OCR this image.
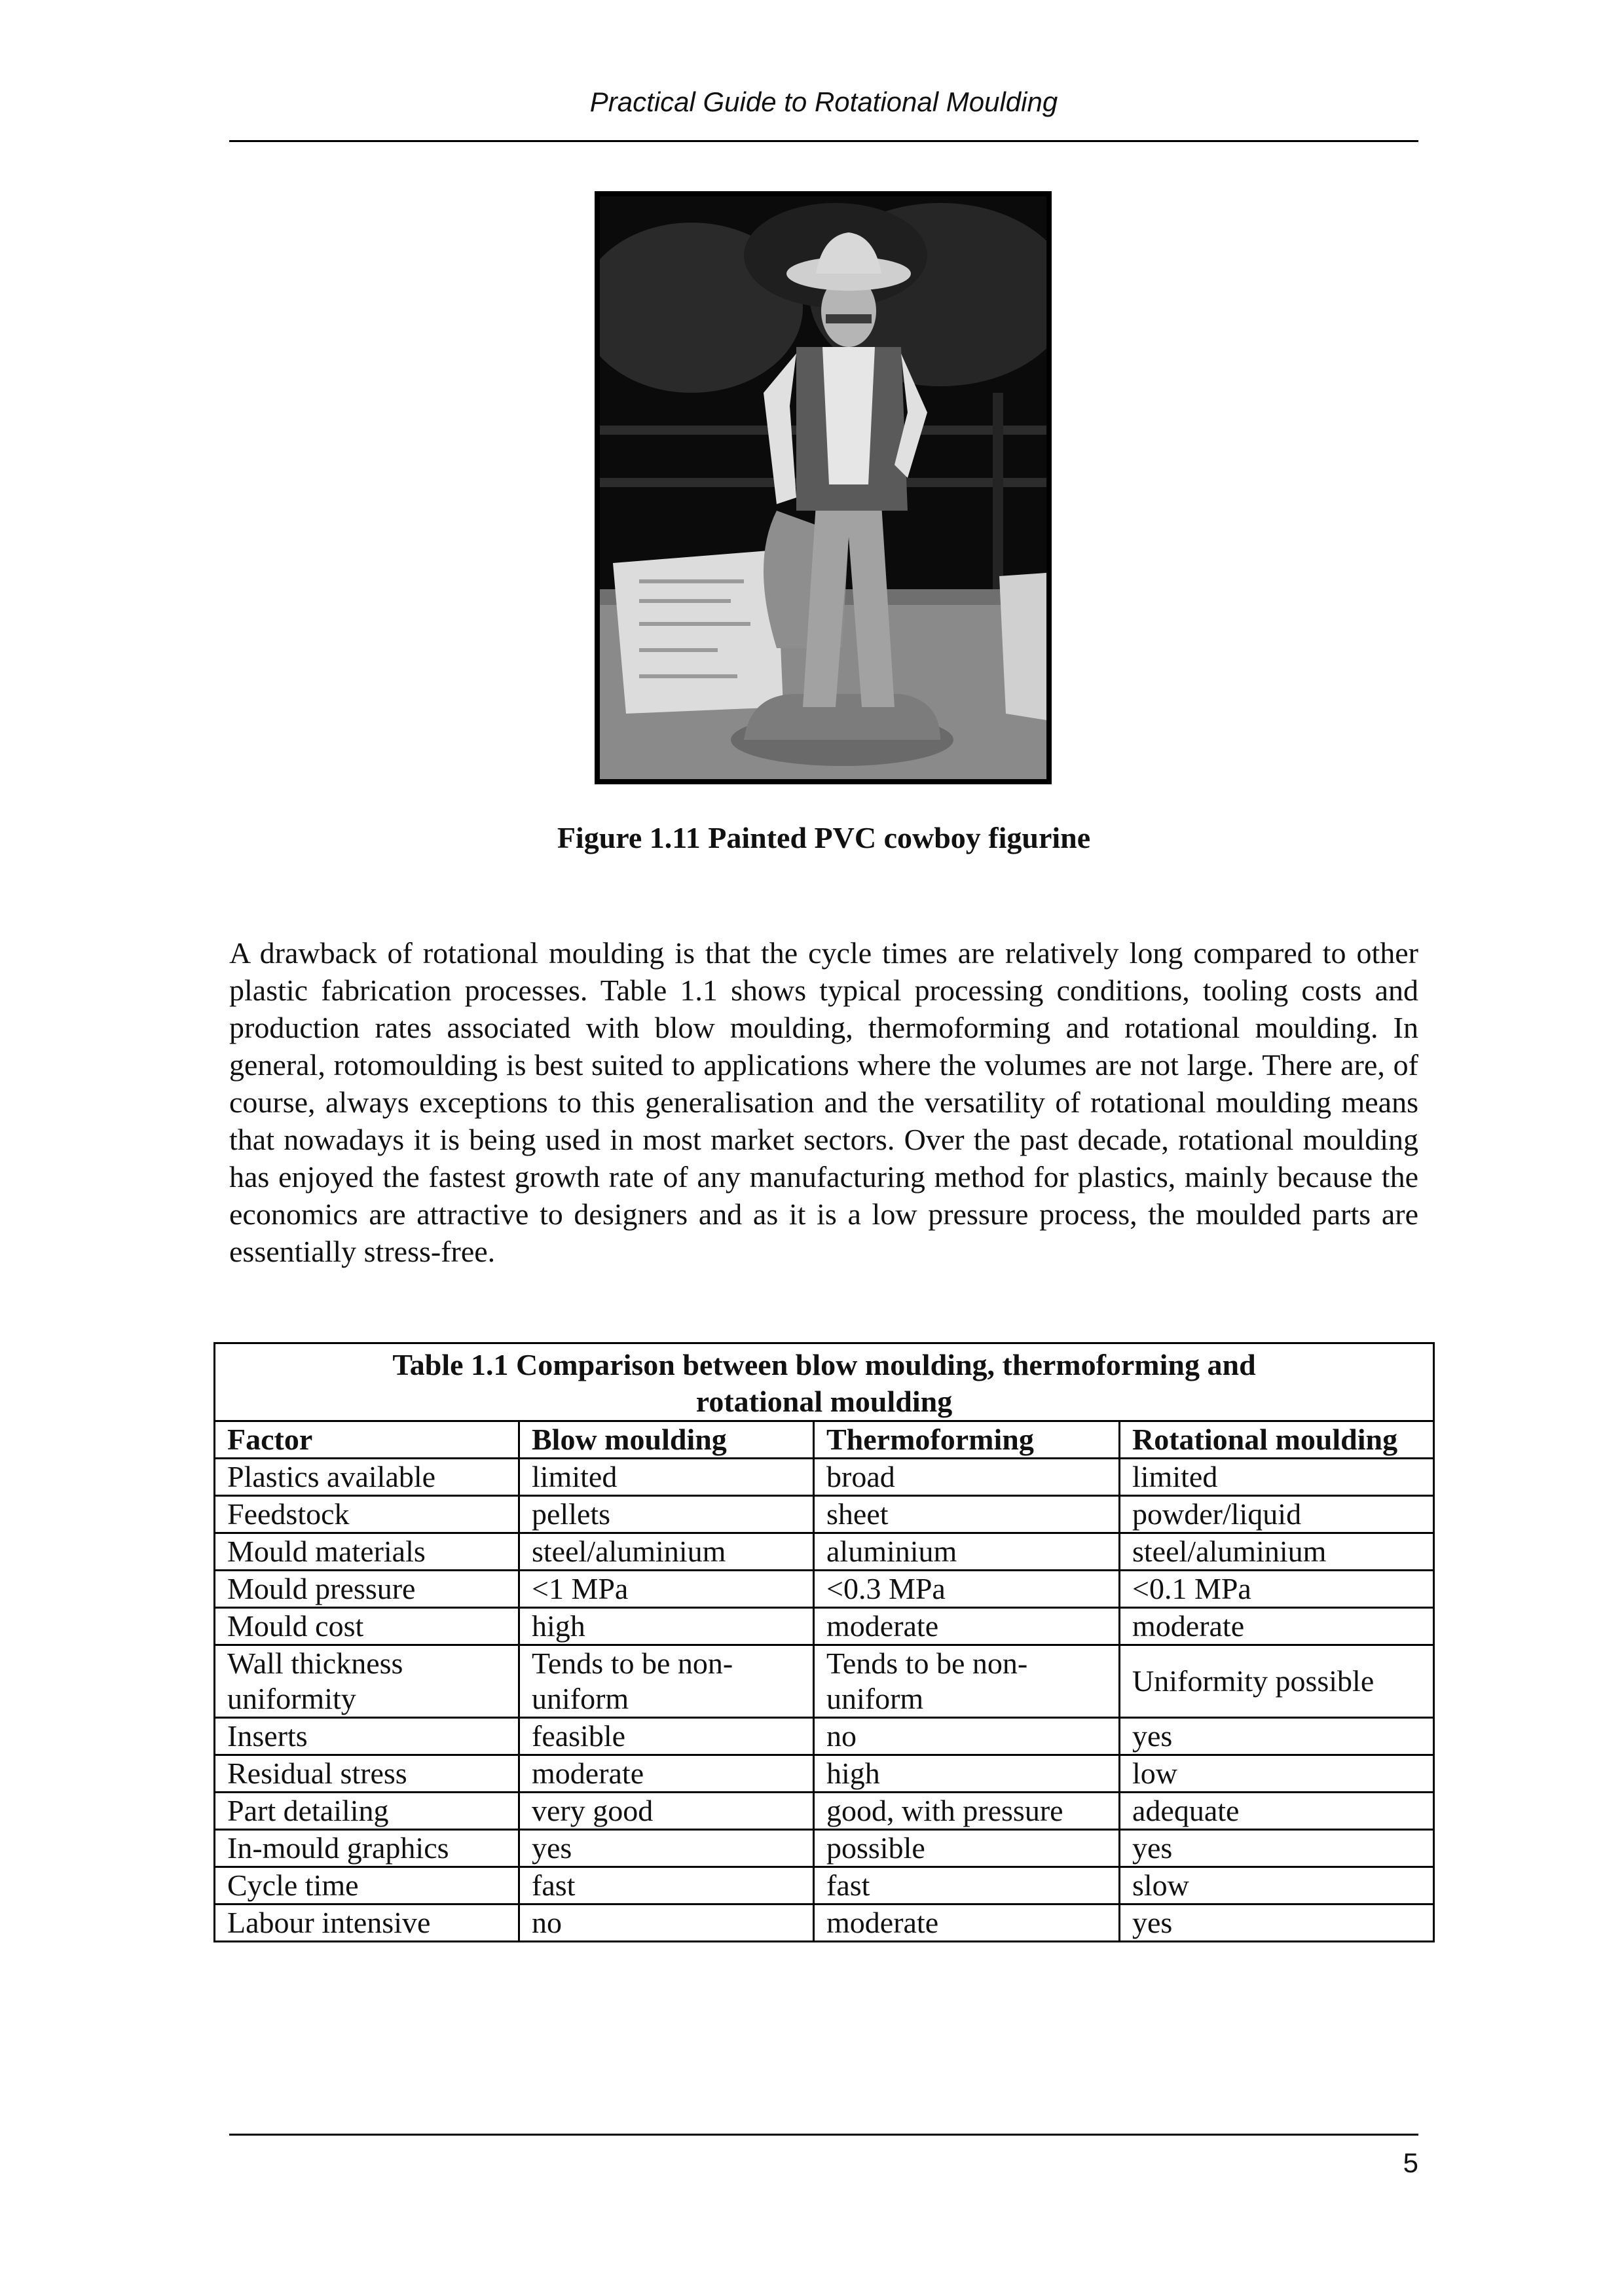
Practical Guide to Rotational Moulding
Figure 1.11 Painted PVC cowboy figurine

A drawback of rotational moulding is that the cycle times are relatively long compared to other plastic fabrication processes. Table 1.1 shows typical processing conditions, tooling costs and production rates associated with blow moulding, thermoforming and rotational moulding. In general, rotomoulding is best suited to applications where the volumes are not large. There are, of course, always exceptions to this generalisation and the versatility of rotational moulding means that nowadays it is being used in most market sectors. Over the past decade, rotational moulding has enjoyed the fastest growth rate of any manufacturing method for plastics, mainly because the economics are attractive to designers and as it is a low pressure process, the moulded parts are essentially stress-free.

Table 1.1 Comparison between blow moulding, thermoforming and rotational moulding			

Factor	Blow moulding	Thermoforming	Rotational moulding
Plastics available	limited	broad	limited
Feedstock	pellets	sheet	powder/liquid
Mould materials	steel/aluminium	aluminium	steel/aluminium
Mould pressure	<1 MPa	<0.3 MPa	<0.1 MPa
Mould cost	high	moderate	moderate
Wall thickness uniformity	Tends to be non-uniform	Tends to be non-uniform	Uniformity possible
Inserts	feasible	no	yes
Residual stress	moderate	high	low
Part detailing	very good	good, with pressure	adequate
In-mould graphics	yes	possible	yes
Cycle time	fast	fast	slow
Labour intensive	no	moderate	yes
5
